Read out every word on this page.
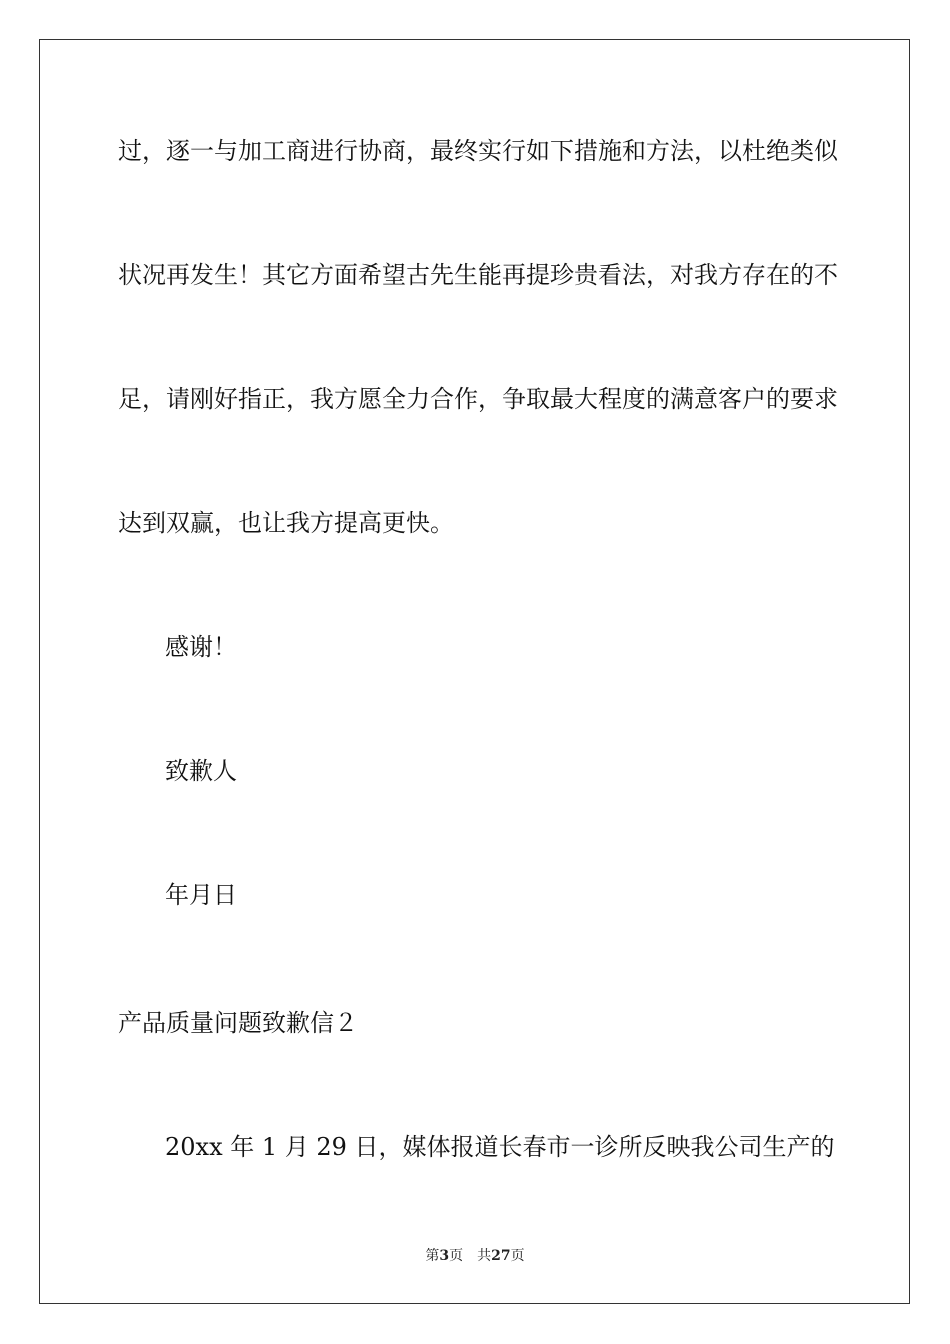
过，逐一与加工商进行协商，最终实行如下措施和方法，以杜绝类似
状况再发生！其它方面希望古先生能再提珍贵看法，对我方存在的不
足，请刚好指正，我方愿全力合作，争取最大程度的满意客户的要求
达到双赢，也让我方提高更快。
感谢！
致歉人
年月日
产品质量问题致歉信２
20xx 年 1 月 29 日，媒体报道长春市一诊所反映我公司生产的
第3页 共27页
